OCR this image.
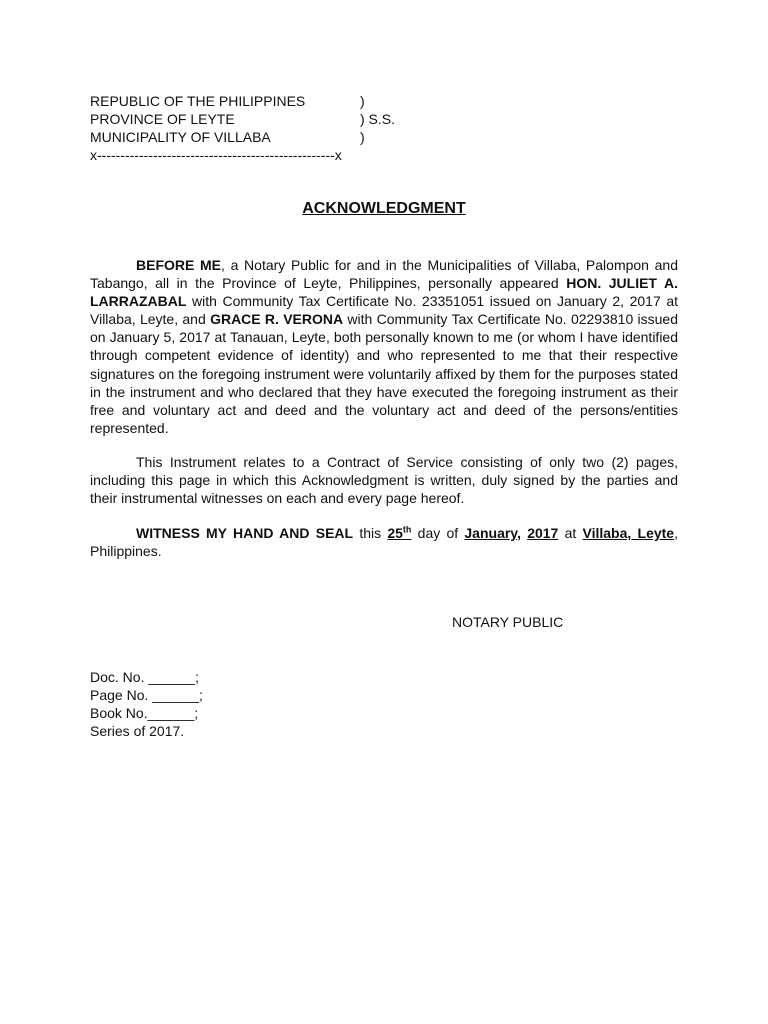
REPUBLIC OF THE PHILIPPINES	)
PROVINCE OF LEYTE	) S.S.
MUNICIPALITY OF VILLABA	)
x---------------------------------------------------x
ACKNOWLEDGMENT
BEFORE ME, a Notary Public for and in the Municipalities of Villaba, Palompon and Tabango, all in the Province of Leyte, Philippines, personally appeared HON. JULIET A. LARRAZABAL with Community Tax Certificate No. 23351051 issued on January 2, 2017 at Villaba, Leyte, and GRACE R. VERONA with Community Tax Certificate No. 02293810 issued on January 5, 2017 at Tanauan, Leyte, both personally known to me (or whom I have identified through competent evidence of identity) and who represented to me that their respective signatures on the foregoing instrument were voluntarily affixed by them for the purposes stated in the instrument and who declared that they have executed the foregoing instrument as their free and voluntary act and deed and the voluntary act and deed of the persons/entities represented.
This Instrument relates to a Contract of Service consisting of only two (2) pages, including this page in which this Acknowledgment is written, duly signed by the parties and their instrumental witnesses on each and every page hereof.
WITNESS MY HAND AND SEAL this 25th day of January, 2017 at Villaba, Leyte, Philippines.
NOTARY PUBLIC
Doc. No. ______;
Page No. ______;
Book No.______;
Series of 2017.
